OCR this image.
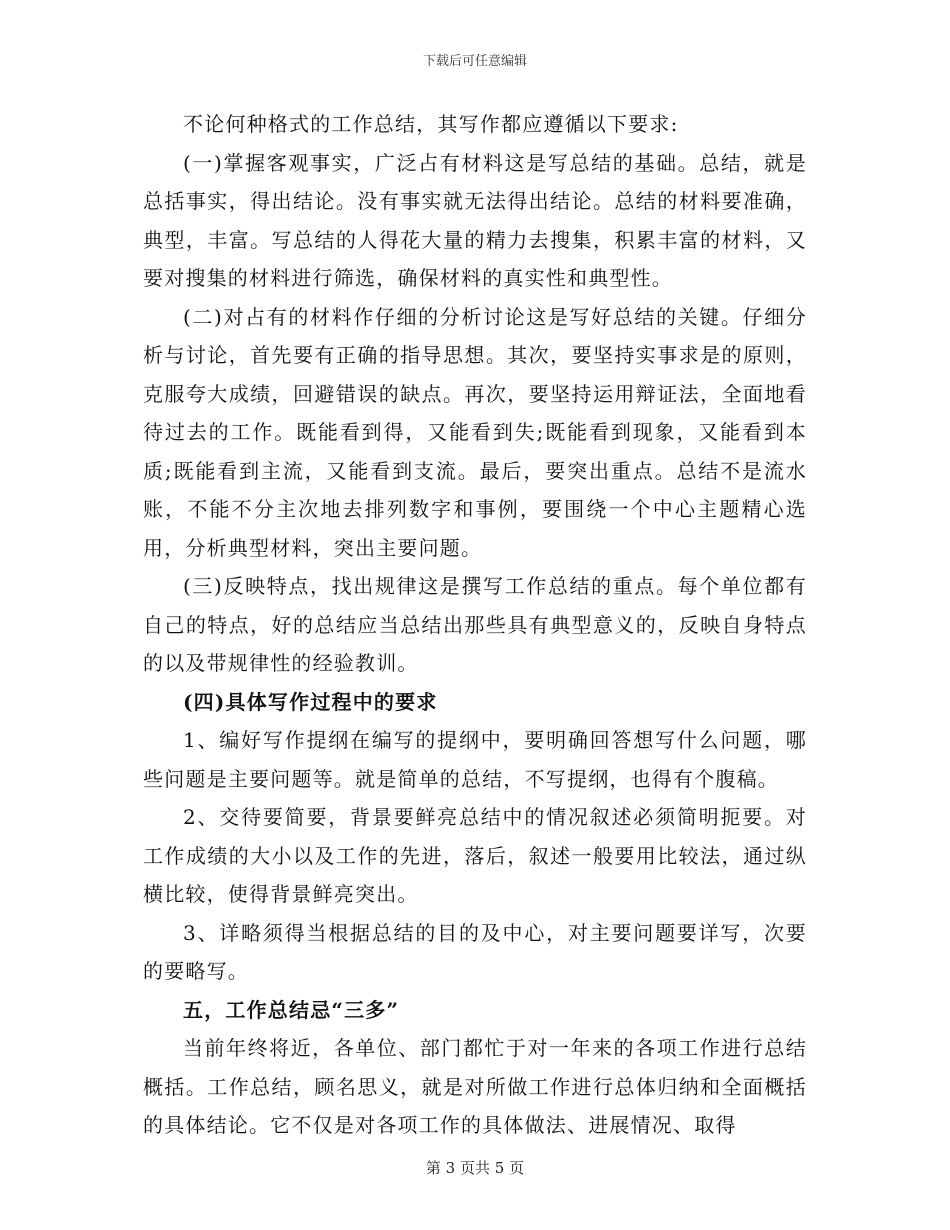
下载后可任意编辑

不论何种格式的工作总结，其写作都应遵循以下要求:

(一)掌握客观事实，广泛占有材料这是写总结的基础。总结，就是总括事实，得出结论。没有事实就无法得出结论。总结的材料要准确，典型，丰富。写总结的人得花大量的精力去搜集，积累丰富的材料，又要对搜集的材料进行筛选，确保材料的真实性和典型性。

(二)对占有的材料作仔细的分析讨论这是写好总结的关键。仔细分析与讨论，首先要有正确的指导思想。其次，要坚持实事求是的原则，克服夸大成绩，回避错误的缺点。再次，要坚持运用辩证法，全面地看待过去的工作。既能看到得，又能看到失;既能看到现象，又能看到本质;既能看到主流，又能看到支流。最后，要突出重点。总结不是流水账，不能不分主次地去排列数字和事例，要围绕一个中心主题精心选用，分析典型材料，突出主要问题。

(三)反映特点，找出规律这是撰写工作总结的重点。每个单位都有自己的特点，好的总结应当总结出那些具有典型意义的，反映自身特点的以及带规律性的经验教训。

(四)具体写作过程中的要求

1、编好写作提纲在编写的提纲中，要明确回答想写什么问题，哪些问题是主要问题等。就是简单的总结，不写提纲，也得有个腹稿。

2、交待要简要，背景要鲜亮总结中的情况叙述必须简明扼要。对工作成绩的大小以及工作的先进，落后，叙述一般要用比较法，通过纵横比较，使得背景鲜亮突出。

3、详略须得当根据总结的目的及中心，对主要问题要详写，次要的要略写。

五，工作总结忌“三多”

当前年终将近，各单位、部门都忙于对一年来的各项工作进行总结概括。工作总结，顾名思义，就是对所做工作进行总体归纳和全面概括的具体结论。它不仅是对各项工作的具体做法、进展情况、取得

第 3 页共 5 页
